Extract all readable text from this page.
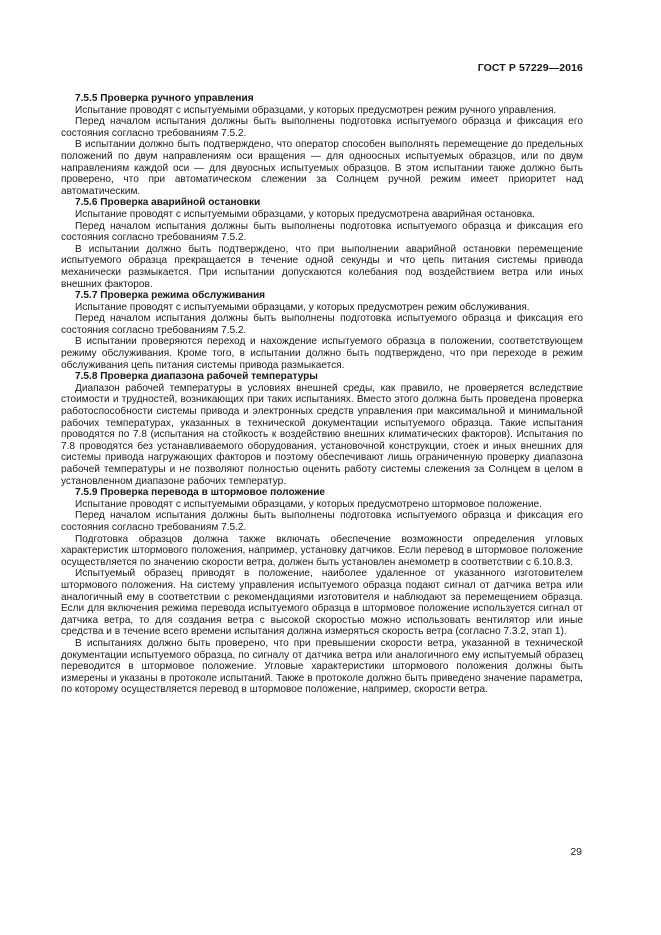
ГОСТ Р 57229—2016
7.5.5 Проверка ручного управления
Испытание проводят с испытуемыми образцами, у которых предусмотрен режим ручного управления.
Перед началом испытания должны быть выполнены подготовка испытуемого образца и фиксация его состояния согласно требованиям 7.5.2.
В испытании должно быть подтверждено, что оператор способен выполнять перемещение до предельных положений по двум направлениям оси вращения — для одноосных испытуемых образцов, или по двум направлениям каждой оси — для двуосных испытуемых образцов. В этом испытании также должно быть проверено, что при автоматическом слежении за Солнцем ручной режим имеет приоритет над автоматическим.
7.5.6 Проверка аварийной остановки
Испытание проводят с испытуемыми образцами, у которых предусмотрена аварийная остановка.
Перед началом испытания должны быть выполнены подготовка испытуемого образца и фиксация его состояния согласно требованиям 7.5.2.
В испытании должно быть подтверждено, что при выполнении аварийной остановки перемещение испытуемого образца прекращается в течение одной секунды и что цепь питания системы привода механически размыкается. При испытании допускаются колебания под воздействием ветра или иных внешних факторов.
7.5.7 Проверка режима обслуживания
Испытание проводят с испытуемыми образцами, у которых предусмотрен режим обслуживания.
Перед началом испытания должны быть выполнены подготовка испытуемого образца и фиксация его состояния согласно требованиям 7.5.2.
В испытании проверяются переход и нахождение испытуемого образца в положении, соответствующем режиму обслуживания. Кроме того, в испытании должно быть подтверждено, что при переходе в режим обслуживания цепь питания системы привода размыкается.
7.5.8 Проверка диапазона рабочей температуры
Диапазон рабочей температуры в условиях внешней среды, как правило, не проверяется вследствие стоимости и трудностей, возникающих при таких испытаниях. Вместо этого должна быть проведена проверка работоспособности системы привода и электронных средств управления при максимальной и минимальной рабочих температурах, указанных в технической документации испытуемого образца. Такие испытания проводятся по 7.8 (испытания на стойкость к воздействию внешних климатических факторов). Испытания по 7.8 проводятся без устанавливаемого оборудования, установочной конструкции, стоек и иных внешних для системы привода нагружающих факторов и поэтому обеспечивают лишь ограниченную проверку диапазона рабочей температуры и не позволяют полностью оценить работу системы слежения за Солнцем в целом в установленном диапазоне рабочих температур.
7.5.9 Проверка перевода в штормовое положение
Испытание проводят с испытуемыми образцами, у которых предусмотрено штормовое положение.
Перед началом испытания должны быть выполнены подготовка испытуемого образца и фиксация его состояния согласно требованиям 7.5.2.
Подготовка образцов должна также включать обеспечение возможности определения угловых характеристик штормового положения, например, установку датчиков. Если перевод в штормовое положение осуществляется по значению скорости ветра, должен быть установлен анемометр в соответствии с 6.10.8.3.
Испытуемый образец приводят в положение, наиболее удаленное от указанного изготовителем штормового положения. На систему управления испытуемого образца подают сигнал от датчика ветра или аналогичный ему в соответствии с рекомендациями изготовителя и наблюдают за перемещением образца. Если для включения режима перевода испытуемого образца в штормовое положение используется сигнал от датчика ветра, то для создания ветра с высокой скоростью можно использовать вентилятор или иные средства и в течение всего времени испытания должна измеряться скорость ветра (согласно 7.3.2, этап 1).
В испытаниях должно быть проверено, что при превышении скорости ветра, указанной в технической документации испытуемого образца, по сигналу от датчика ветра или аналогичного ему испытуемый образец переводится в штормовое положение. Угловые характеристики штормового положения должны быть измерены и указаны в протоколе испытаний. Также в протоколе должно быть приведено значение параметра, по которому осуществляется перевод в штормовое положение, например, скорости ветра.
29
